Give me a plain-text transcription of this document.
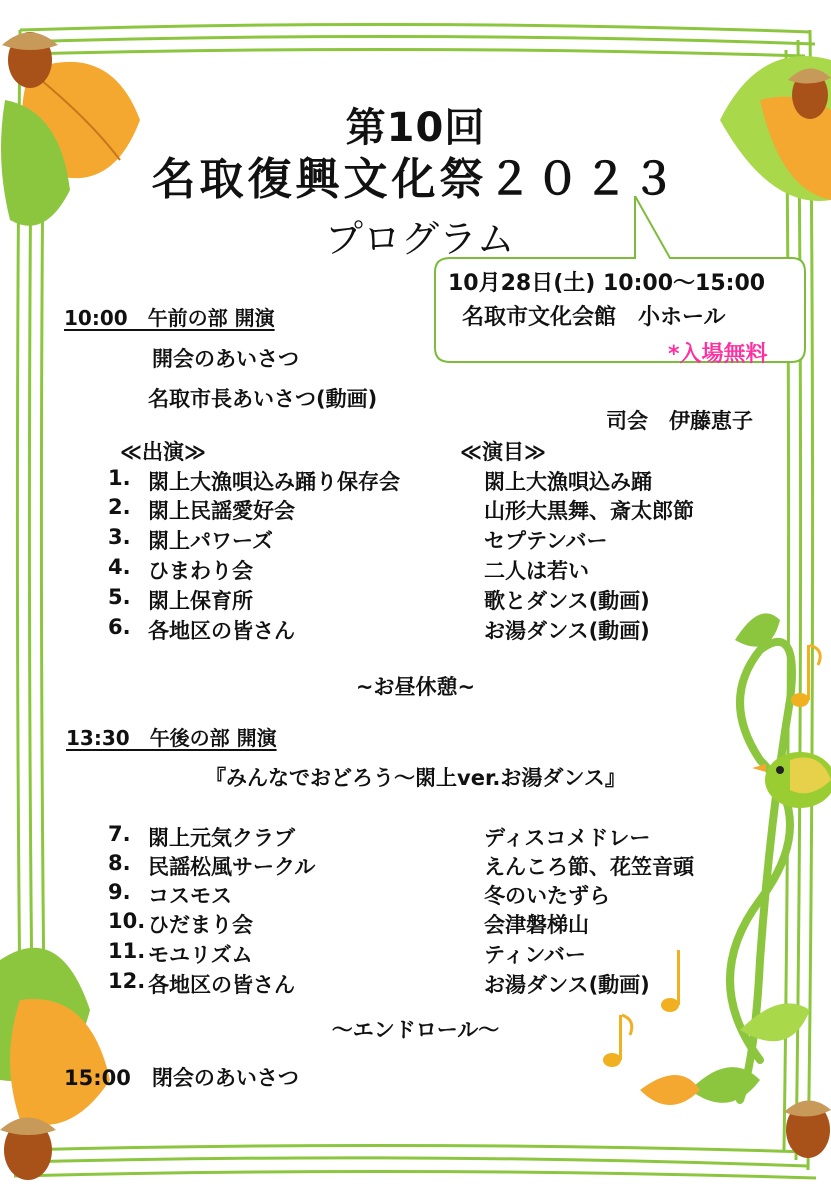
第10回
名取復興文化祭２０２３
プログラム
10月28日(土) 10:00～15:00
名取市文化会館　小ホール
*入場無料
10:00　午前の部 開演
開会のあいさつ
名取市長あいさつ(動画)
司会　伊藤恵子
≪出演≫	≪演目≫
1. 閖上大漁唄込み踊り保存会	閖上大漁唄込み踊
2. 閖上民謡愛好会	山形大黒舞、斎太郎節
3. 閖上パワーズ	セプテンバー
4. ひまわり会	二人は若い
5. 閖上保育所	歌とダンス(動画)
6. 各地区の皆さん	お湯ダンス(動画)
~お昼休憩~
13:30　午後の部 開演
『みんなでおどろう～閖上ver.お湯ダンス』
7. 閖上元気クラブ	ディスコメドレー
8. 民謡松風サークル	えんころ節、花笠音頭
9. コスモス	冬のいたずら
10. ひだまり会	会津磐梯山
11. モユリズム	ティンバー
12. 各地区の皆さん	お湯ダンス(動画)
～エンドロール～
15:00　閉会のあいさつ
